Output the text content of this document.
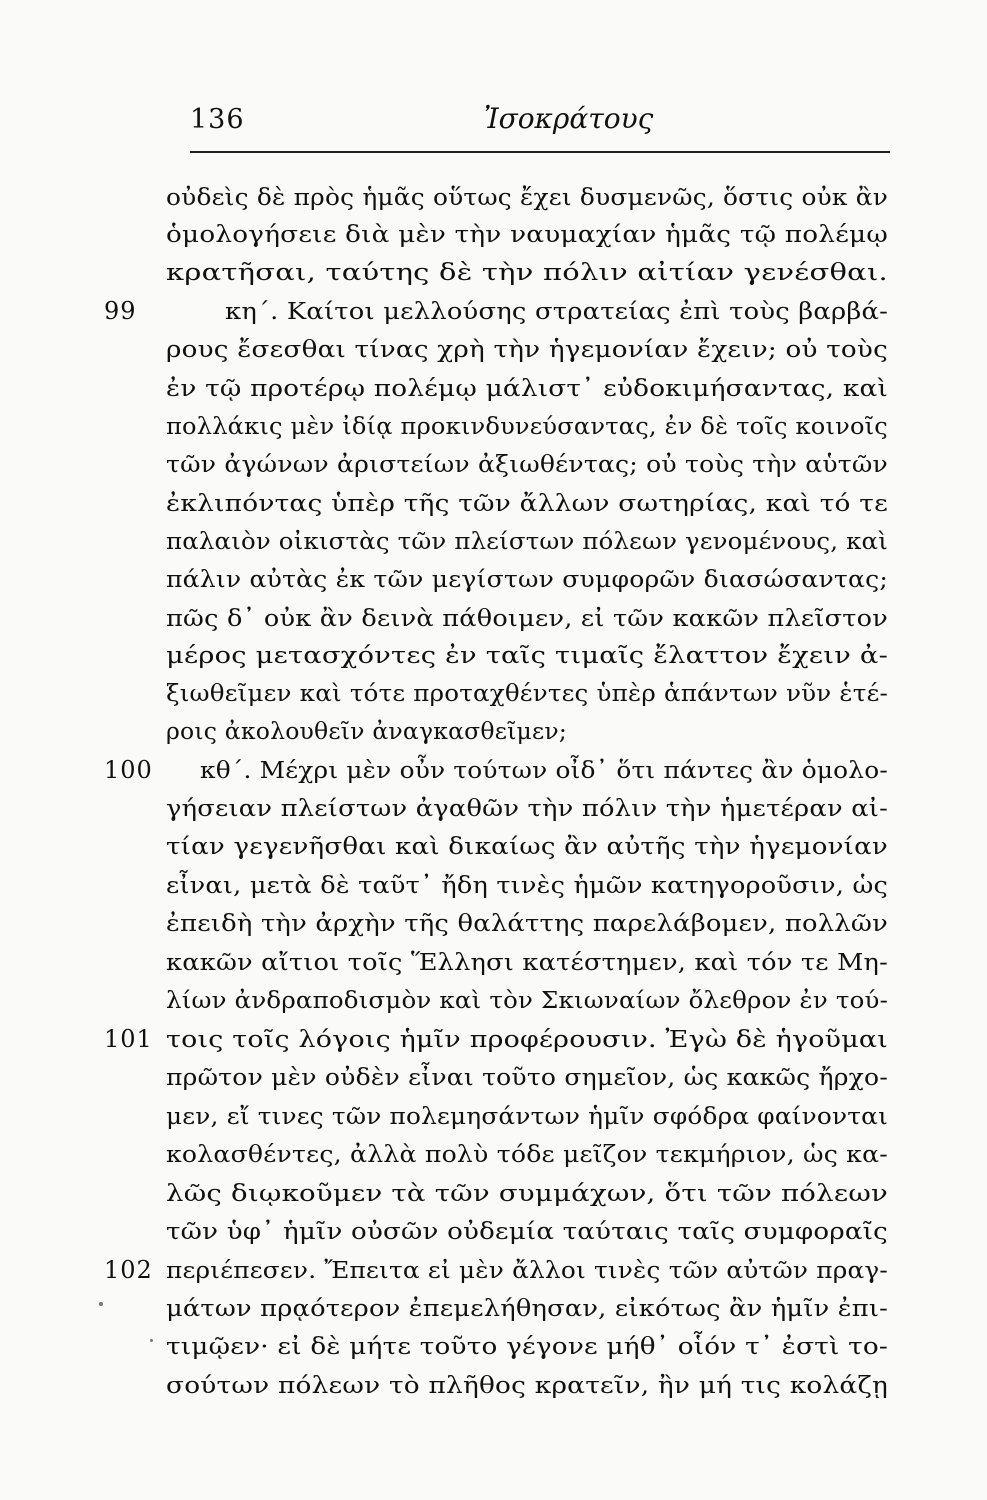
136	Ἰσοκράτους
οὐδεὶς δὲ πρὸς ἡμᾶς οὕτως ἔχει δυσμενῶς, ὅστις οὐκ ἂν
ὁμολογήσειε διὰ μὲν τὴν ναυμαχίαν ἡμᾶς τῷ πολέμῳ
κρατῆσαι, ταύτης δὲ τὴν πόλιν αἰτίαν γενέσθαι.
99	κη΄. Καίτοι μελλούσης στρατείας ἐπὶ τοὺς βαρβά-
ρους ἔσεσθαι τίνας χρὴ τὴν ἡγεμονίαν ἔχειν; οὐ τοὺς
ἐν τῷ προτέρῳ πολέμῳ μάλιστ᾽ εὐδοκιμήσαντας, καὶ
πολλάκις μὲν ἰδίᾳ προκινδυνεύσαντας, ἐν δὲ τοῖς κοινοῖς
τῶν ἀγώνων ἀριστείων ἀξιωθέντας; οὐ τοὺς τὴν αὑτῶν
ἐκλιπόντας ὑπὲρ τῆς τῶν ἄλλων σωτηρίας, καὶ τό τε
παλαιὸν οἰκιστὰς τῶν πλείστων πόλεων γενομένους, καὶ
πάλιν αὐτὰς ἐκ τῶν μεγίστων συμφορῶν διασώσαντας;
πῶς δ᾽ οὐκ ἂν δεινὰ πάθοιμεν, εἰ τῶν κακῶν πλεῖστον
μέρος μετασχόντες ἐν ταῖς τιμαῖς ἔλαττον ἔχειν ἀ-
ξιωθεῖμεν καὶ τότε προταχθέντες ὑπὲρ ἁπάντων νῦν ἑτέ-
ροις ἀκολουθεῖν ἀναγκασθεῖμεν;
100 κθ΄. Μέχρι μὲν οὖν τούτων οἶδ᾽ ὅτι πάντες ἂν ὁμολο-
γήσειαν πλείστων ἀγαθῶν τὴν πόλιν τὴν ἡμετέραν αἰ-
τίαν γεγενῆσθαι καὶ δικαίως ἂν αὐτῆς τὴν ἡγεμονίαν
εἶναι, μετὰ δὲ ταῦτ᾽ ἤδη τινὲς ἡμῶν κατηγοροῦσιν, ὡς
ἐπειδὴ τὴν ἀρχὴν τῆς θαλάττης παρελάβομεν, πολλῶν
κακῶν αἴτιοι τοῖς Ἕλλησι κατέστημεν, καὶ τόν τε Μη-
λίων ἀνδραποδισμὸν καὶ τὸν Σκιωναίων ὄλεθρον ἐν τού-
101 τοις τοῖς λόγοις ἡμῖν προφέρουσιν. Ἐγὼ δὲ ἡγοῦμαι
πρῶτον μὲν οὐδὲν εἶναι τοῦτο σημεῖον, ὡς κακῶς ἤρχο-
μεν, εἴ τινες τῶν πολεμησάντων ἡμῖν σφόδρα φαίνονται
κολασθέντες, ἀλλὰ πολὺ τόδε μεῖζον τεκμήριον, ὡς κα-
λῶς διῳκοῦμεν τὰ τῶν συμμάχων, ὅτι τῶν πόλεων
τῶν ὑφ᾽ ἡμῖν οὐσῶν οὐδεμία ταύταις ταῖς συμφοραῖς
102 περιέπεσεν. Ἔπειτα εἰ μὲν ἄλλοι τινὲς τῶν αὐτῶν πραγ-
μάτων πρᾳότερον ἐπεμελήθησαν, εἰκότως ἂν ἡμῖν ἐπι-
τιμῷεν· εἰ δὲ μήτε τοῦτο γέγονε μήθ᾽ οἷόν τ᾽ ἐστὶ το-
σούτων πόλεων τὸ πλῆθος κρατεῖν, ἢν μή τις κολάζῃ
